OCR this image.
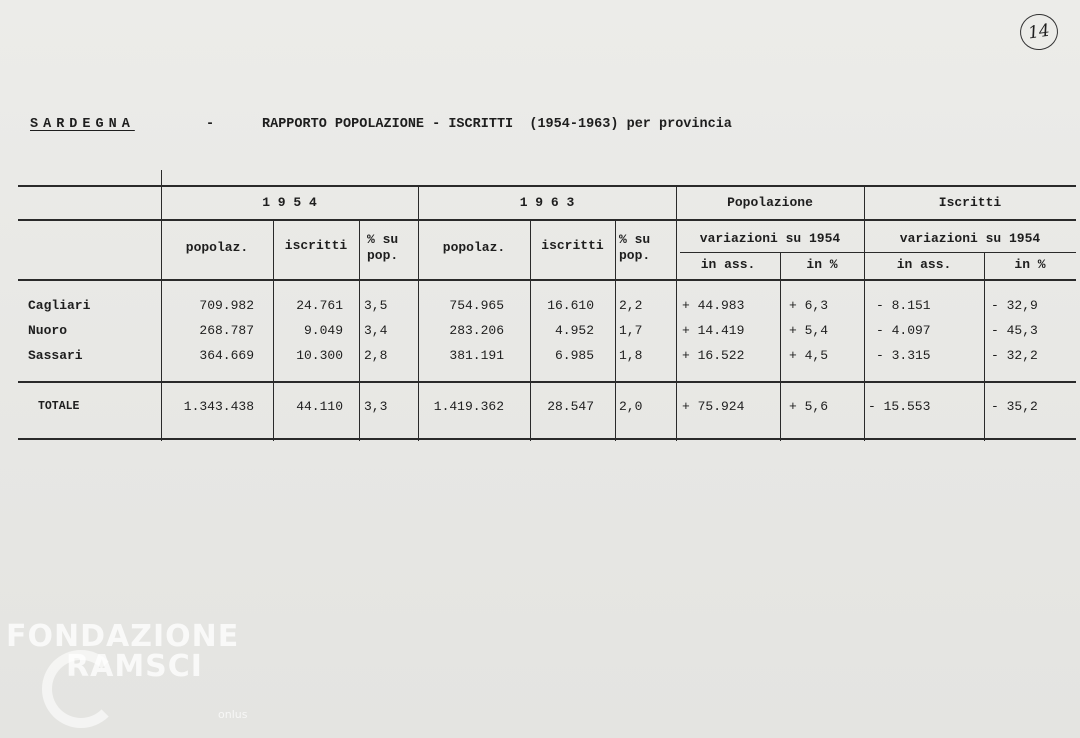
14
SARDEGNA	-	RAPPORTO POPOLAZIONE - ISCRITTI (1954-1963) per provincia
1 9 5 4	1 9 6 3	Popolazione	Iscritti
popolaz.	iscritti	% su
pop.
popolaz.	iscritti	% su
pop.
variazioni su 1954	variazioni su 1954
in ass.	in %	in ass.	in %
Cagliari	709.982	24.761 3,5	754.965	16.610 2,2	+ 44.983	+ 6,3	- 8.151	- 32,9
Nuoro	268.787	9.049 3,4	283.206	4.952 1,7	+ 14.419	+ 5,4	- 4.097	- 45,3
Sassari	364.669	10.300 2,8	381.191	6.985 1,8	+ 16.522	+ 4,5	- 3.315	- 32,2
TOTALE	1.343.438	44.110 3,3	1.419.362	28.547 2,0	+ 75.924	+ 5,6	- 15.553	- 35,2
FONDAZIONE
RAMSCI
onlus
